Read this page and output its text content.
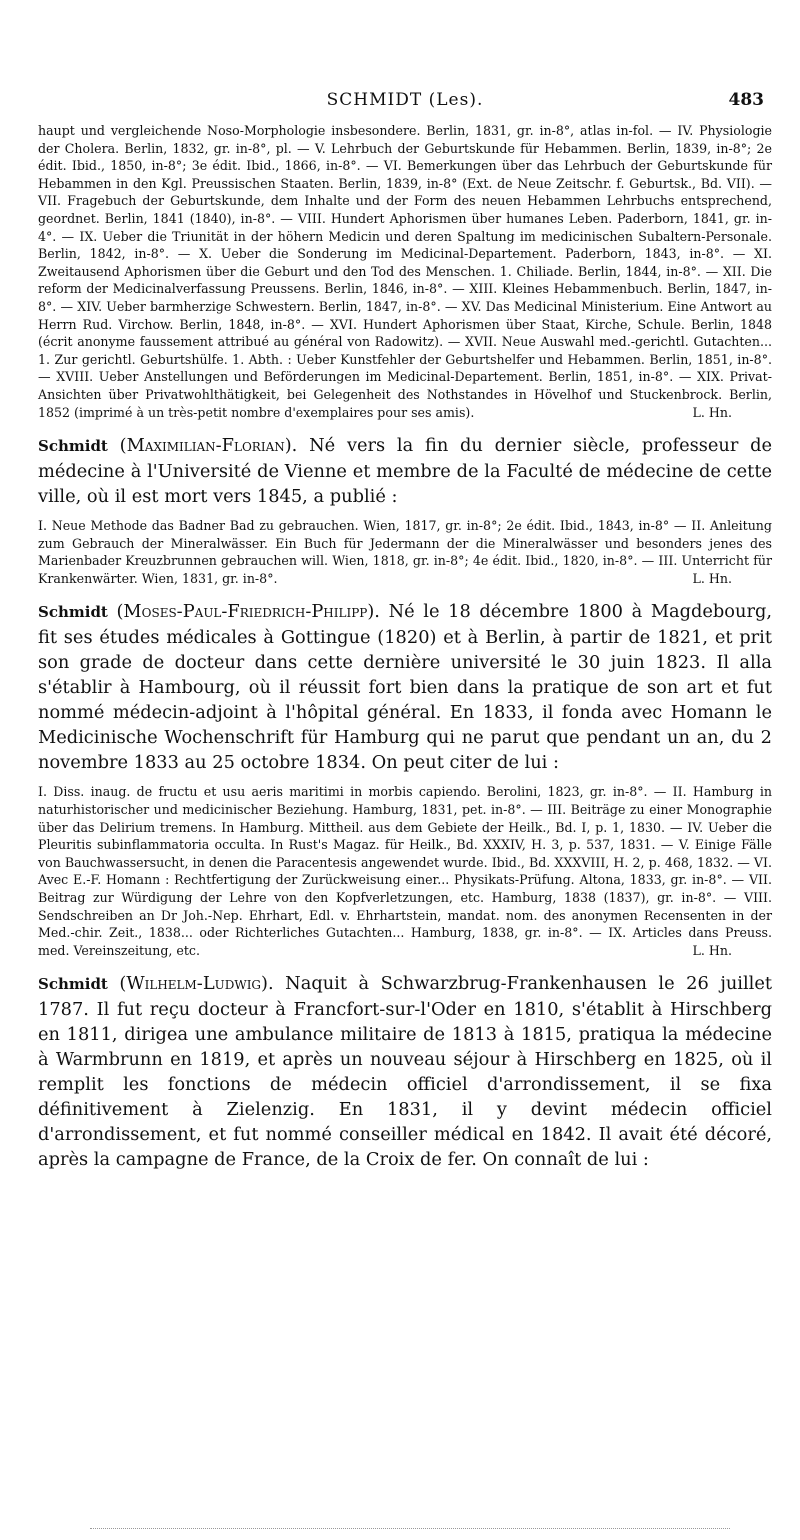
SCHMIDT (Les).	483

haupt und vergleichende Noso-Morphologie insbesondere. Berlin, 1831, gr. in-8°, atlas in-fol. — IV. Physiologie der Cholera. Berlin, 1832, gr. in-8°, pl. — V. Lehrbuch der Geburtskunde für Hebammen. Berlin, 1839, in-8°; 2e édit. Ibid., 1850, in-8°; 3e édit. Ibid., 1866, in-8°. — VI. Bemerkungen über das Lehrbuch der Geburtskunde für Hebammen in den Kgl. Preussischen Staaten. Berlin, 1839, in-8° (Ext. de Neue Zeitschr. f. Geburtsk., Bd. VII). — VII. Fragebuch der Geburtskunde, dem Inhalte und der Form des neuen Hebammen Lehrbuchs entsprechend, geordnet. Berlin, 1841 (1840), in-8°. — VIII. Hundert Aphorismen über humanes Leben. Paderborn, 1841, gr. in-4°. — IX. Ueber die Triunität in der höhern Medicin und deren Spaltung im medicinischen Subaltern-Personale. Berlin, 1842, in-8°. — X. Ueber die Sonderung im Medicinal-Departement. Paderborn, 1843, in-8°. — XI. Zweitausend Aphorismen über die Geburt und den Tod des Menschen. 1. Chiliade. Berlin, 1844, in-8°. — XII. Die reform der Medicinalverfassung Preussens. Berlin, 1846, in-8°. — XIII. Kleines Hebammenbuch. Berlin, 1847, in-8°. — XIV. Ueber barmherzige Schwestern. Berlin, 1847, in-8°. — XV. Das Medicinal Ministerium. Eine Antwort au Herrn Rud. Virchow. Berlin, 1848, in-8°. — XVI. Hundert Aphorismen über Staat, Kirche, Schule. Berlin, 1848 (écrit anonyme faussement attribué au général von Radowitz). — XVII. Neue Auswahl med.-gerichtl. Gutachten... 1. Zur gerichtl. Geburtshülfe. 1. Abth. : Ueber Kunstfehler der Geburtshelfer und Hebammen. Berlin, 1851, in-8°. — XVIII. Ueber Anstellungen und Beförderungen im Medicinal-Departement. Berlin, 1851, in-8°. — XIX. Privat-Ansichten über Privatwohlthätigkeit, bei Gelegenheit des Nothstandes in Hövelhof und Stuckenbrock. Berlin, 1852 (imprimé à un très-petit nombre d'exemplaires pour ses amis).	L. Hn.

Schmidt (Maximilian-Florian). Né vers la fin du dernier siècle, professeur de médecine à l'Université de Vienne et membre de la Faculté de médecine de cette ville, où il est mort vers 1845, a publié :

I. Neue Methode das Badner Bad zu gebrauchen. Wien, 1817, gr. in-8°; 2e édit. Ibid., 1843, in-8° — II. Anleitung zum Gebrauch der Mineralwässer. Ein Buch für Jedermann der die Mineralwässer und besonders jenes des Marienbader Kreuzbrunnen gebrauchen will. Wien, 1818, gr. in-8°; 4e édit. Ibid., 1820, in-8°. — III. Unterricht für Krankenwärter. Wien, 1831, gr. in-8°.	L. Hn.

Schmidt (Moses-Paul-Friedrich-Philipp). Né le 18 décembre 1800 à Magdebourg, fit ses études médicales à Gottingue (1820) et à Berlin, à partir de 1821, et prit son grade de docteur dans cette dernière université le 30 juin 1823. Il alla s'établir à Hambourg, où il réussit fort bien dans la pratique de son art et fut nommé médecin-adjoint à l'hôpital général. En 1833, il fonda avec Homann le Medicinische Wochenschrift für Hamburg qui ne parut que pendant un an, du 2 novembre 1833 au 25 octobre 1834. On peut citer de lui :

I. Diss. inaug. de fructu et usu aeris maritimi in morbis capiendo. Berolini, 1823, gr. in-8°. — II. Hamburg in naturhistorischer und medicinischer Beziehung. Hamburg, 1831, pet. in-8°. — III. Beiträge zu einer Monographie über das Delirium tremens. In Hamburg. Mittheil. aus dem Gebiete der Heilk., Bd. I, p. 1, 1830. — IV. Ueber die Pleuritis subinflammatoria occulta. In Rust's Magaz. für Heilk., Bd. XXXIV, H. 3, p. 537, 1831. — V. Einige Fälle von Bauchwassersucht, in denen die Paracentesis angewendet wurde. Ibid., Bd. XXXVIII, H. 2, p. 468, 1832. — VI. Avec E.-F. Homann : Rechtfertigung der Zurückweisung einer... Physikats-Prüfung. Altona, 1833, gr. in-8°. — VII. Beitrag zur Würdigung der Lehre von den Kopfverletzungen, etc. Hamburg, 1838 (1837), gr. in-8°. — VIII. Sendschreiben an Dr Joh.-Nep. Ehrhart, Edl. v. Ehrhartstein, mandat. nom. des anonymen Recensenten in der Med.-chir. Zeit., 1838... oder Richterliches Gutachten... Hamburg, 1838, gr. in-8°. — IX. Articles dans Preuss. med. Vereinszeitung, etc.	L. Hn.

Schmidt (Wilhelm-Ludwig). Naquit à Schwarzbrug-Frankenhausen le 26 juillet 1787. Il fut reçu docteur à Francfort-sur-l'Oder en 1810, s'établit à Hirschberg en 1811, dirigea une ambulance militaire de 1813 à 1815, pratiqua la médecine à Warmbrunn en 1819, et après un nouveau séjour à Hirschberg en 1825, où il remplit les fonctions de médecin officiel d'arrondissement, il se fixa définitivement à Zielenzig. En 1831, il y devint médecin officiel d'arrondissement, et fut nommé conseiller médical en 1842. Il avait été décoré, après la campagne de France, de la Croix de fer. On connaît de lui :
